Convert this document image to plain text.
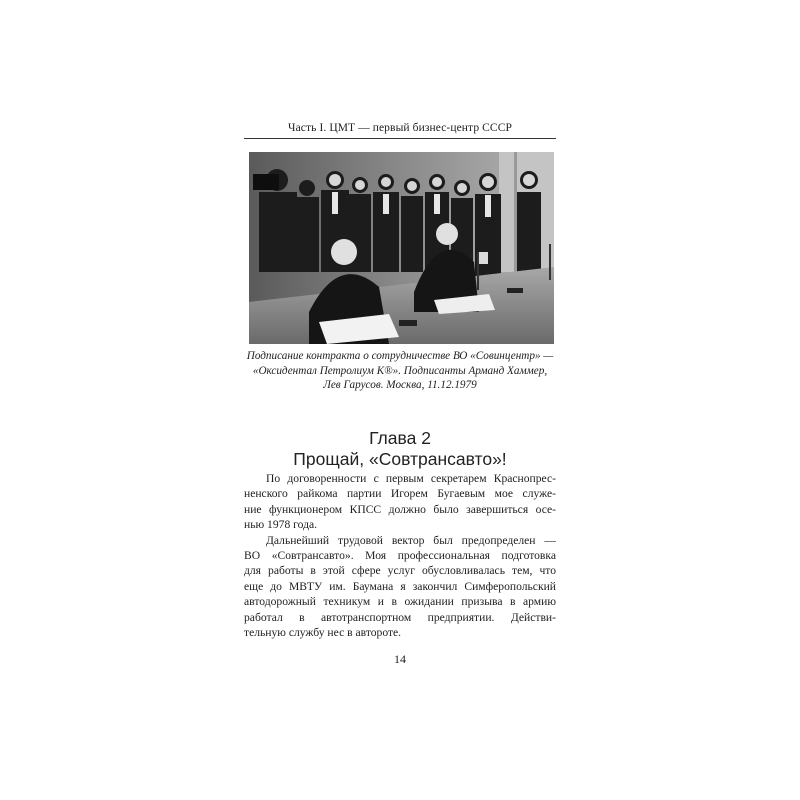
Часть I. ЦМТ — первый бизнес-центр СССР
Подписание контракта о сотрудничестве ВО «Совинцентр» —
«Оксидентал Петролиум К®». Подписанты Арманд Хаммер,
Лев Гарусов. Москва, 11.12.1979
Глава 2
Прощай, «Совтрансавто»!
По договоренности с первым секретарем Краснопрес-
ненского райкома партии Игорем Бугаевым мое служе-
ние функционером КПСС должно было завершиться осе-
нью 1978 года.
Дальнейший трудовой вектор был предопределен —
ВО «Совтрансавто». Моя профессиональная подготовка
для работы в этой сфере услуг обусловливалась тем, что
еще до МВТУ им. Баумана я закончил Симферопольский
автодорожный техникум и в ожидании призыва в армию
работал в автотранспортном предприятии. Действи-
тельную службу нес в автороте.
14
